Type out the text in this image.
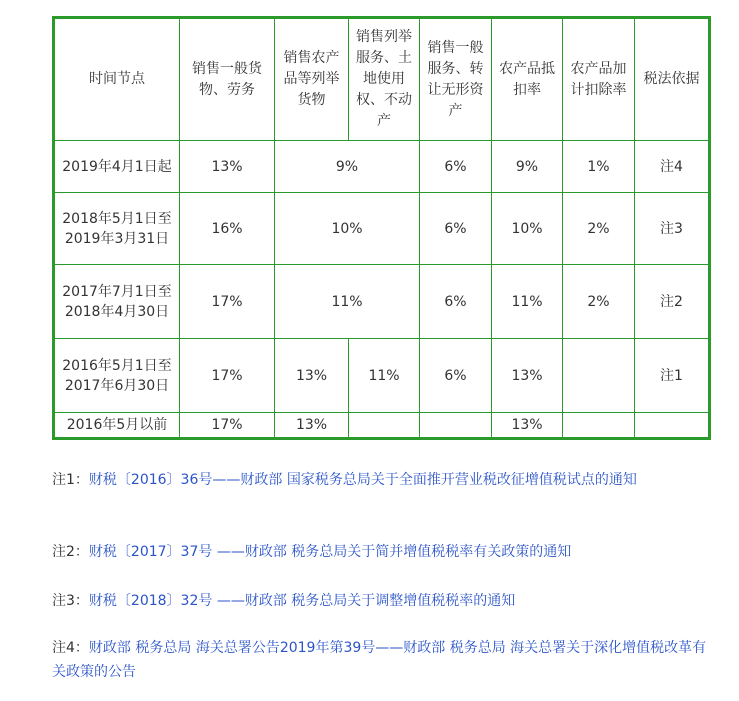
时间节点	销售一般货物、劳务	销售农产品等列举货物	销售列举服务、土地使用权、不动产	销售一般服务、转让无形资产	农产品抵扣率	农产品加计扣除率	税法依据
2019年4月1日起	13%	9%		6%	9%	1%	注4
2018年5月1日至2019年3月31日	16%	10%		6%	10%	2%	注3
2017年7月1日至2018年4月30日	17%	11%		6%	11%	2%	注2
2016年5月1日至2017年6月30日	17%	13%	11%	6%	13%		注1
2016年5月以前	17%	13%			13%		
注1：财税〔2016〕36号——财政部 国家税务总局关于全面推开营业税改征增值税试点的通知
注2：财税〔2017〕37号 ——财政部 税务总局关于简并增值税税率有关政策的通知
注3：财税〔2018〕32号 ——财政部 税务总局关于调整增值税税率的通知
注4：财政部 税务总局 海关总署公告2019年第39号——财政部 税务总局 海关总署关于深化增值税改革有关政策的公告
